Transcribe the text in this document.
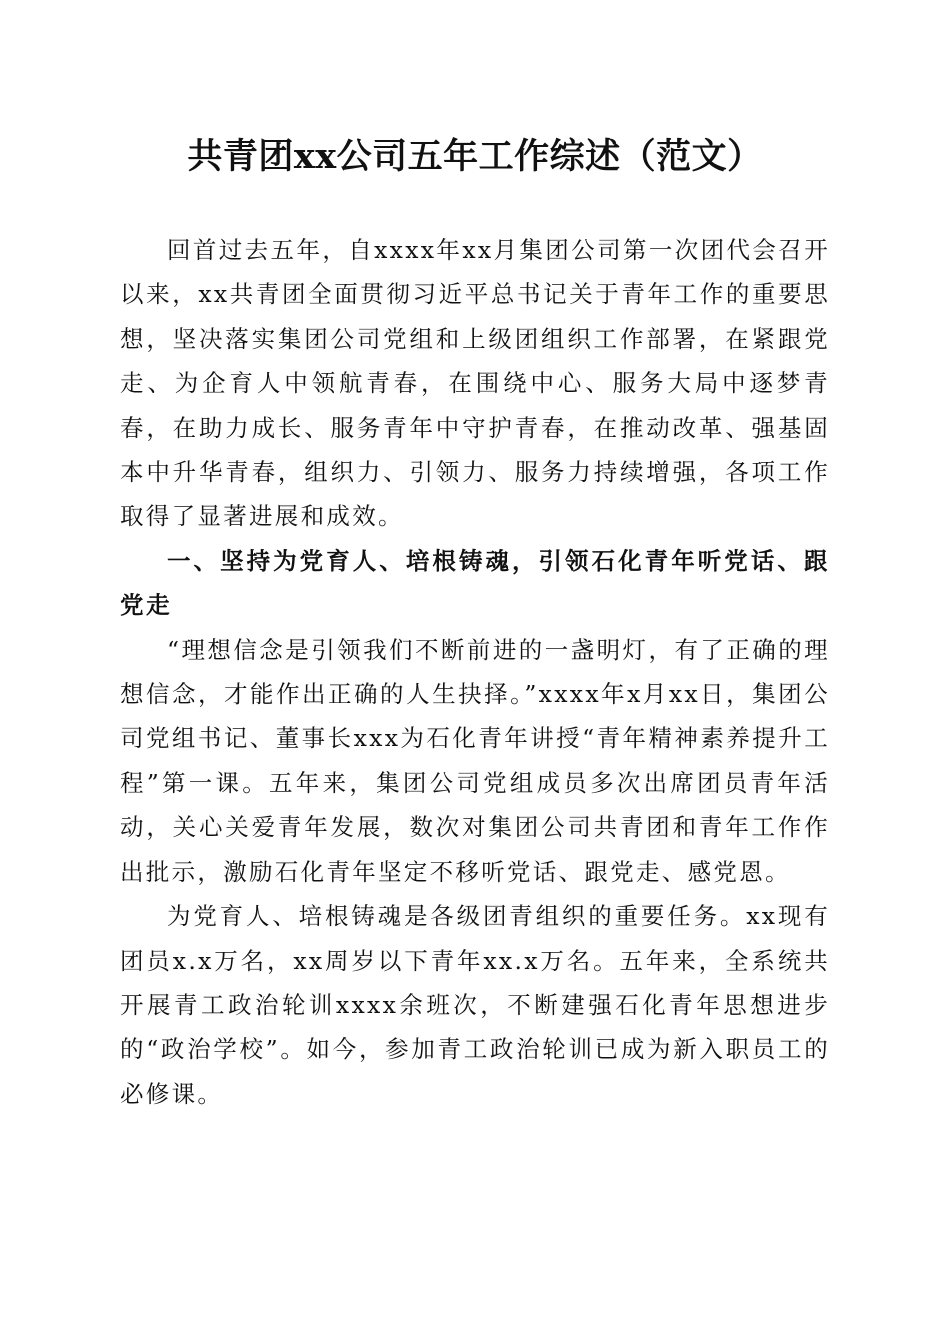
共青团xx公司五年工作综述（范文）

回首过去五年，自xxxx年xx月集团公司第一次团代会召开以来，xx共青团全面贯彻习近平总书记关于青年工作的重要思想，坚决落实集团公司党组和上级团组织工作部署，在紧跟党走、为企育人中领航青春，在围绕中心、服务大局中逐梦青春，在助力成长、服务青年中守护青春，在推动改革、强基固本中升华青春，组织力、引领力、服务力持续增强，各项工作取得了显著进展和成效。

一、坚持为党育人、培根铸魂，引领石化青年听党话、跟党走

“理想信念是引领我们不断前进的一盏明灯，有了正确的理想信念，才能作出正确的人生抉择。”xxxx年x月xx日，集团公司党组书记、董事长xxx为石化青年讲授“青年精神素养提升工程”第一课。五年来，集团公司党组成员多次出席团员青年活动，关心关爱青年发展，数次对集团公司共青团和青年工作作出批示，激励石化青年坚定不移听党话、跟党走、感党恩。

为党育人、培根铸魂是各级团青组织的重要任务。xx现有团员x.x万名，xx周岁以下青年xx.x万名。五年来，全系统共开展青工政治轮训xxxx余班次，不断建强石化青年思想进步的“政治学校”。如今，参加青工政治轮训已成为新入职员工的必修课。
